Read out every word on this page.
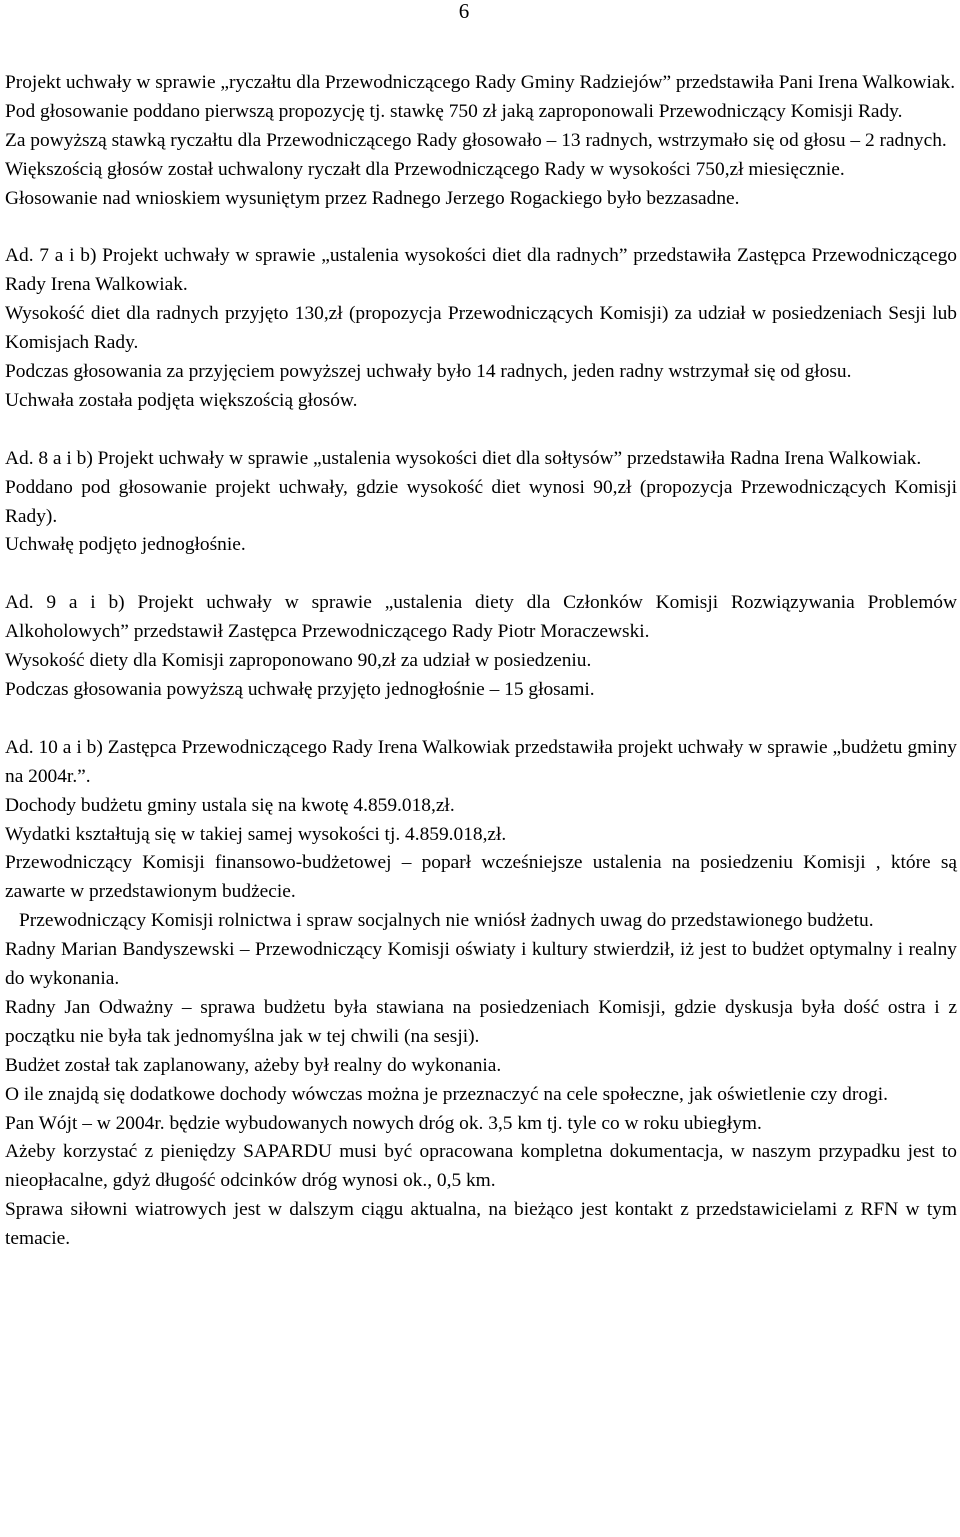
6

Projekt uchwały w sprawie „ryczałtu dla Przewodniczącego Rady Gminy Radziejów” przedstawiła Pani Irena Walkowiak.

Pod głosowanie poddano pierwszą propozycję tj. stawkę 750 zł jaką zaproponowali Przewodniczący Komisji Rady.

Za powyższą stawką ryczałtu dla Przewodniczącego Rady głosowało – 13 radnych, wstrzymało się od głosu – 2 radnych.

Większością głosów został uchwalony ryczałt dla Przewodniczącego Rady w wysokości 750,zł miesięcznie.

Głosowanie nad wnioskiem wysuniętym przez Radnego Jerzego Rogackiego było bezzasadne.

Ad. 7 a i b) Projekt uchwały w sprawie „ustalenia wysokości diet dla radnych” przedstawiła Zastępca Przewodniczącego Rady Irena Walkowiak.

Wysokość diet dla radnych przyjęto 130,zł (propozycja Przewodniczących Komisji) za udział w posiedzeniach Sesji lub Komisjach Rady.

Podczas głosowania za przyjęciem powyższej uchwały było 14 radnych, jeden radny wstrzymał się od głosu.

Uchwała została podjęta większością głosów.

Ad. 8 a i b) Projekt uchwały w sprawie „ustalenia wysokości diet dla sołtysów” przedstawiła Radna Irena Walkowiak.

Poddano pod głosowanie projekt uchwały, gdzie wysokość diet wynosi 90,zł (propozycja Przewodniczących Komisji Rady).

Uchwałę podjęto jednogłośnie.

Ad. 9 a i b) Projekt uchwały w sprawie „ustalenia diety dla Członków Komisji Rozwiązywania Problemów Alkoholowych” przedstawił Zastępca Przewodniczącego Rady Piotr Moraczewski.

Wysokość diety dla Komisji zaproponowano 90,zł za udział w posiedzeniu.

Podczas głosowania powyższą uchwałę przyjęto jednogłośnie – 15 głosami.

Ad. 10 a i b) Zastępca Przewodniczącego Rady Irena Walkowiak przedstawiła projekt uchwały w sprawie „budżetu gminy na 2004r.”.

Dochody budżetu gminy ustala się na kwotę 4.859.018,zł.

Wydatki kształtują się w takiej samej wysokości tj. 4.859.018,zł.

Przewodniczący Komisji finansowo-budżetowej – poparł wcześniejsze ustalenia na posiedzeniu Komisji , które są zawarte w przedstawionym budżecie.

Przewodniczący Komisji rolnictwa i spraw socjalnych nie wniósł żadnych uwag do przedstawionego budżetu.

Radny Marian Bandyszewski – Przewodniczący Komisji oświaty i kultury stwierdził, iż jest to budżet optymalny i realny do wykonania.

Radny Jan Odważny – sprawa budżetu była stawiana na posiedzeniach Komisji, gdzie dyskusja była dość ostra i z początku nie była tak jednomyślna jak w tej chwili (na sesji).

Budżet został tak zaplanowany, ażeby był realny do wykonania.

O ile znajdą się dodatkowe dochody wówczas można je przeznaczyć na cele społeczne, jak oświetlenie czy drogi.

Pan Wójt – w 2004r. będzie wybudowanych nowych dróg ok. 3,5 km tj. tyle co w roku ubiegłym.

Ażeby korzystać z pieniędzy SAPARDU musi być opracowana kompletna dokumentacja, w naszym przypadku jest to nieopłacalne, gdyż długość odcinków dróg wynosi ok., 0,5 km.

Sprawa siłowni wiatrowych jest w dalszym ciągu aktualna, na bieżąco jest kontakt z przedstawicielami z RFN w tym temacie.
